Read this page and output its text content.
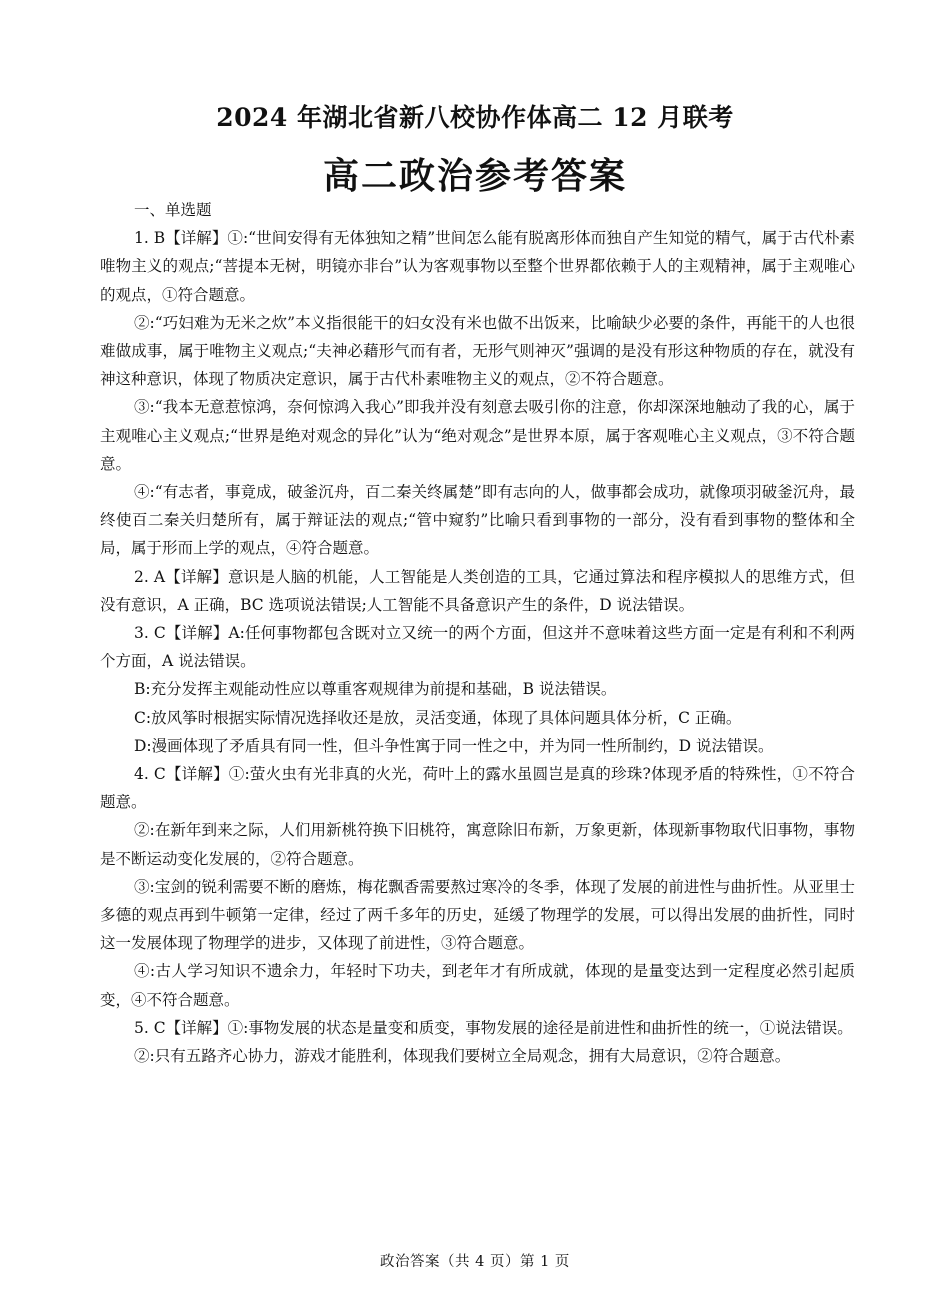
2024 年湖北省新八校协作体高二 12 月联考
高二政治参考答案

一、单选题

1. B【详解】①:“世间安得有无体独知之精”世间怎么能有脱离形体而独自产生知觉的精气，属于古代朴素唯物主义的观点;“菩提本无树，明镜亦非台”认为客观事物以至整个世界都依赖于人的主观精神，属于主观唯心的观点，①符合题意。

②:“巧妇难为无米之炊”本义指很能干的妇女没有米也做不出饭来，比喻缺少必要的条件，再能干的人也很难做成事，属于唯物主义观点;“夫神必藉形气而有者，无形气则神灭”强调的是没有形这种物质的存在，就没有神这种意识，体现了物质决定意识，属于古代朴素唯物主义的观点，②不符合题意。

③:“我本无意惹惊鸿，奈何惊鸿入我心”即我并没有刻意去吸引你的注意，你却深深地触动了我的心，属于主观唯心主义观点;“世界是绝对观念的异化”认为“绝对观念”是世界本原，属于客观唯心主义观点，③不符合题意。

④:“有志者，事竟成，破釜沉舟，百二秦关终属楚”即有志向的人，做事都会成功，就像项羽破釜沉舟，最终使百二秦关归楚所有，属于辩证法的观点;“管中窥豹”比喻只看到事物的一部分，没有看到事物的整体和全局，属于形而上学的观点，④符合题意。

2. A【详解】意识是人脑的机能，人工智能是人类创造的工具，它通过算法和程序模拟人的思维方式，但没有意识，A 正确，BC 选项说法错误;人工智能不具备意识产生的条件，D 说法错误。

3. C【详解】A:任何事物都包含既对立又统一的两个方面，但这并不意味着这些方面一定是有利和不利两个方面，A 说法错误。

B:充分发挥主观能动性应以尊重客观规律为前提和基础，B 说法错误。

C:放风筝时根据实际情况选择收还是放，灵活变通，体现了具体问题具体分析，C 正确。

D:漫画体现了矛盾具有同一性，但斗争性寓于同一性之中，并为同一性所制约，D 说法错误。

4. C【详解】①:萤火虫有光非真的火光，荷叶上的露水虽圆岂是真的珍珠?体现矛盾的特殊性，①不符合题意。

②:在新年到来之际，人们用新桃符换下旧桃符，寓意除旧布新，万象更新，体现新事物取代旧事物，事物是不断运动变化发展的，②符合题意。

③:宝剑的锐利需要不断的磨炼，梅花飘香需要熬过寒冷的冬季，体现了发展的前进性与曲折性。从亚里士多德的观点再到牛顿第一定律，经过了两千多年的历史，延缓了物理学的发展，可以得出发展的曲折性，同时这一发展体现了物理学的进步，又体现了前进性，③符合题意。

④:古人学习知识不遗余力，年轻时下功夫，到老年才有所成就，体现的是量变达到一定程度必然引起质变，④不符合题意。

5. C【详解】①:事物发展的状态是量变和质变，事物发展的途径是前进性和曲折性的统一，①说法错误。

②:只有五路齐心协力，游戏才能胜利，体现我们要树立全局观念，拥有大局意识，②符合题意。

政治答案（共 4 页）第 1 页
